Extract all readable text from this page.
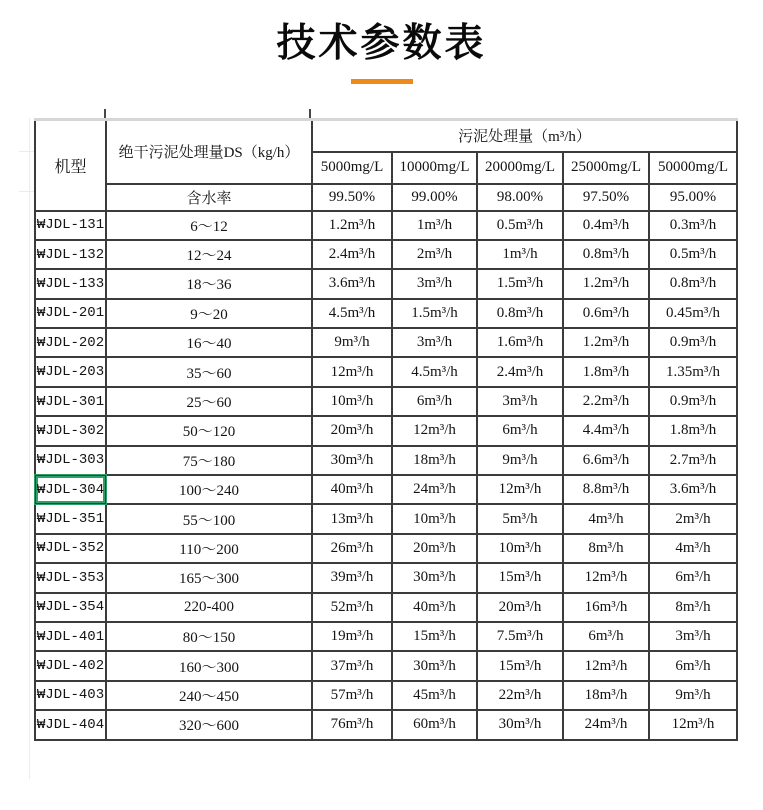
技术参数表
机型	绝干污泥处理量DS（kg/h）	污泥处理量（m³/h）				
		5000mg/L	10000mg/L	20000mg/L	25000mg/L	50000mg/L
	含水率	99.50%	99.00%	98.00%	97.50%	95.00%
₩JDL-131	6～12	1.2m³/h	1m³/h	0.5m³/h	0.4m³/h	0.3m³/h
₩JDL-132	12～24	2.4m³/h	2m³/h	1m³/h	0.8m³/h	0.5m³/h
₩JDL-133	18～36	3.6m³/h	3m³/h	1.5m³/h	1.2m³/h	0.8m³/h
₩JDL-201	9～20	4.5m³/h	1.5m³/h	0.8m³/h	0.6m³/h	0.45m³/h
₩JDL-202	16～40	9m³/h	3m³/h	1.6m³/h	1.2m³/h	0.9m³/h
₩JDL-203	35～60	12m³/h	4.5m³/h	2.4m³/h	1.8m³/h	1.35m³/h
₩JDL-301	25～60	10m³/h	6m³/h	3m³/h	2.2m³/h	0.9m³/h
₩JDL-302	50～120	20m³/h	12m³/h	6m³/h	4.4m³/h	1.8m³/h
₩JDL-303	75～180	30m³/h	18m³/h	9m³/h	6.6m³/h	2.7m³/h
₩JDL-304	100～240	40m³/h	24m³/h	12m³/h	8.8m³/h	3.6m³/h
₩JDL-351	55～100	13m³/h	10m³/h	5m³/h	4m³/h	2m³/h
₩JDL-352	110～200	26m³/h	20m³/h	10m³/h	8m³/h	4m³/h
₩JDL-353	165～300	39m³/h	30m³/h	15m³/h	12m³/h	6m³/h
₩JDL-354	220-400	52m³/h	40m³/h	20m³/h	16m³/h	8m³/h
₩JDL-401	80～150	19m³/h	15m³/h	7.5m³/h	6m³/h	3m³/h
₩JDL-402	160～300	37m³/h	30m³/h	15m³/h	12m³/h	6m³/h
₩JDL-403	240～450	57m³/h	45m³/h	22m³/h	18m³/h	9m³/h
₩JDL-404	320～600	76m³/h	60m³/h	30m³/h	24m³/h	12m³/h
